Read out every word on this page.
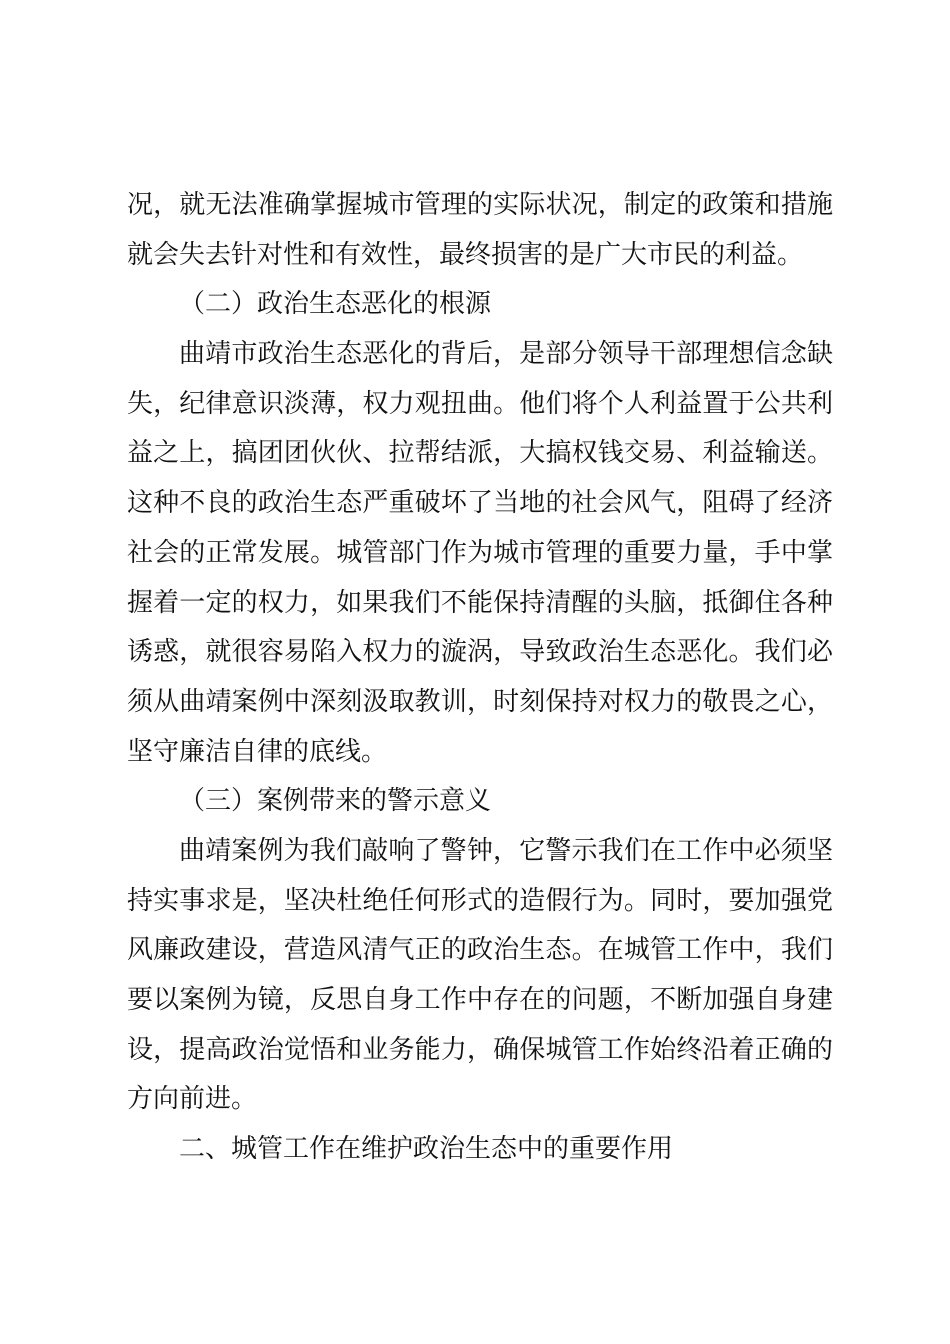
况，就无法准确掌握城市管理的实际状况，制定的政策和措施
就会失去针对性和有效性，最终损害的是广大市民的利益。
（二）政治生态恶化的根源
曲靖市政治生态恶化的背后，是部分领导干部理想信念缺
失，纪律意识淡薄，权力观扭曲。他们将个人利益置于公共利
益之上，搞团团伙伙、拉帮结派，大搞权钱交易、利益输送。
这种不良的政治生态严重破坏了当地的社会风气，阻碍了经济
社会的正常发展。城管部门作为城市管理的重要力量，手中掌
握着一定的权力，如果我们不能保持清醒的头脑，抵御住各种
诱惑，就很容易陷入权力的漩涡，导致政治生态恶化。我们必
须从曲靖案例中深刻汲取教训，时刻保持对权力的敬畏之心，
坚守廉洁自律的底线。
（三）案例带来的警示意义
曲靖案例为我们敲响了警钟，它警示我们在工作中必须坚
持实事求是，坚决杜绝任何形式的造假行为。同时，要加强党
风廉政建设，营造风清气正的政治生态。在城管工作中，我们
要以案例为镜，反思自身工作中存在的问题，不断加强自身建
设，提高政治觉悟和业务能力，确保城管工作始终沿着正确的
方向前进。
二、城管工作在维护政治生态中的重要作用
